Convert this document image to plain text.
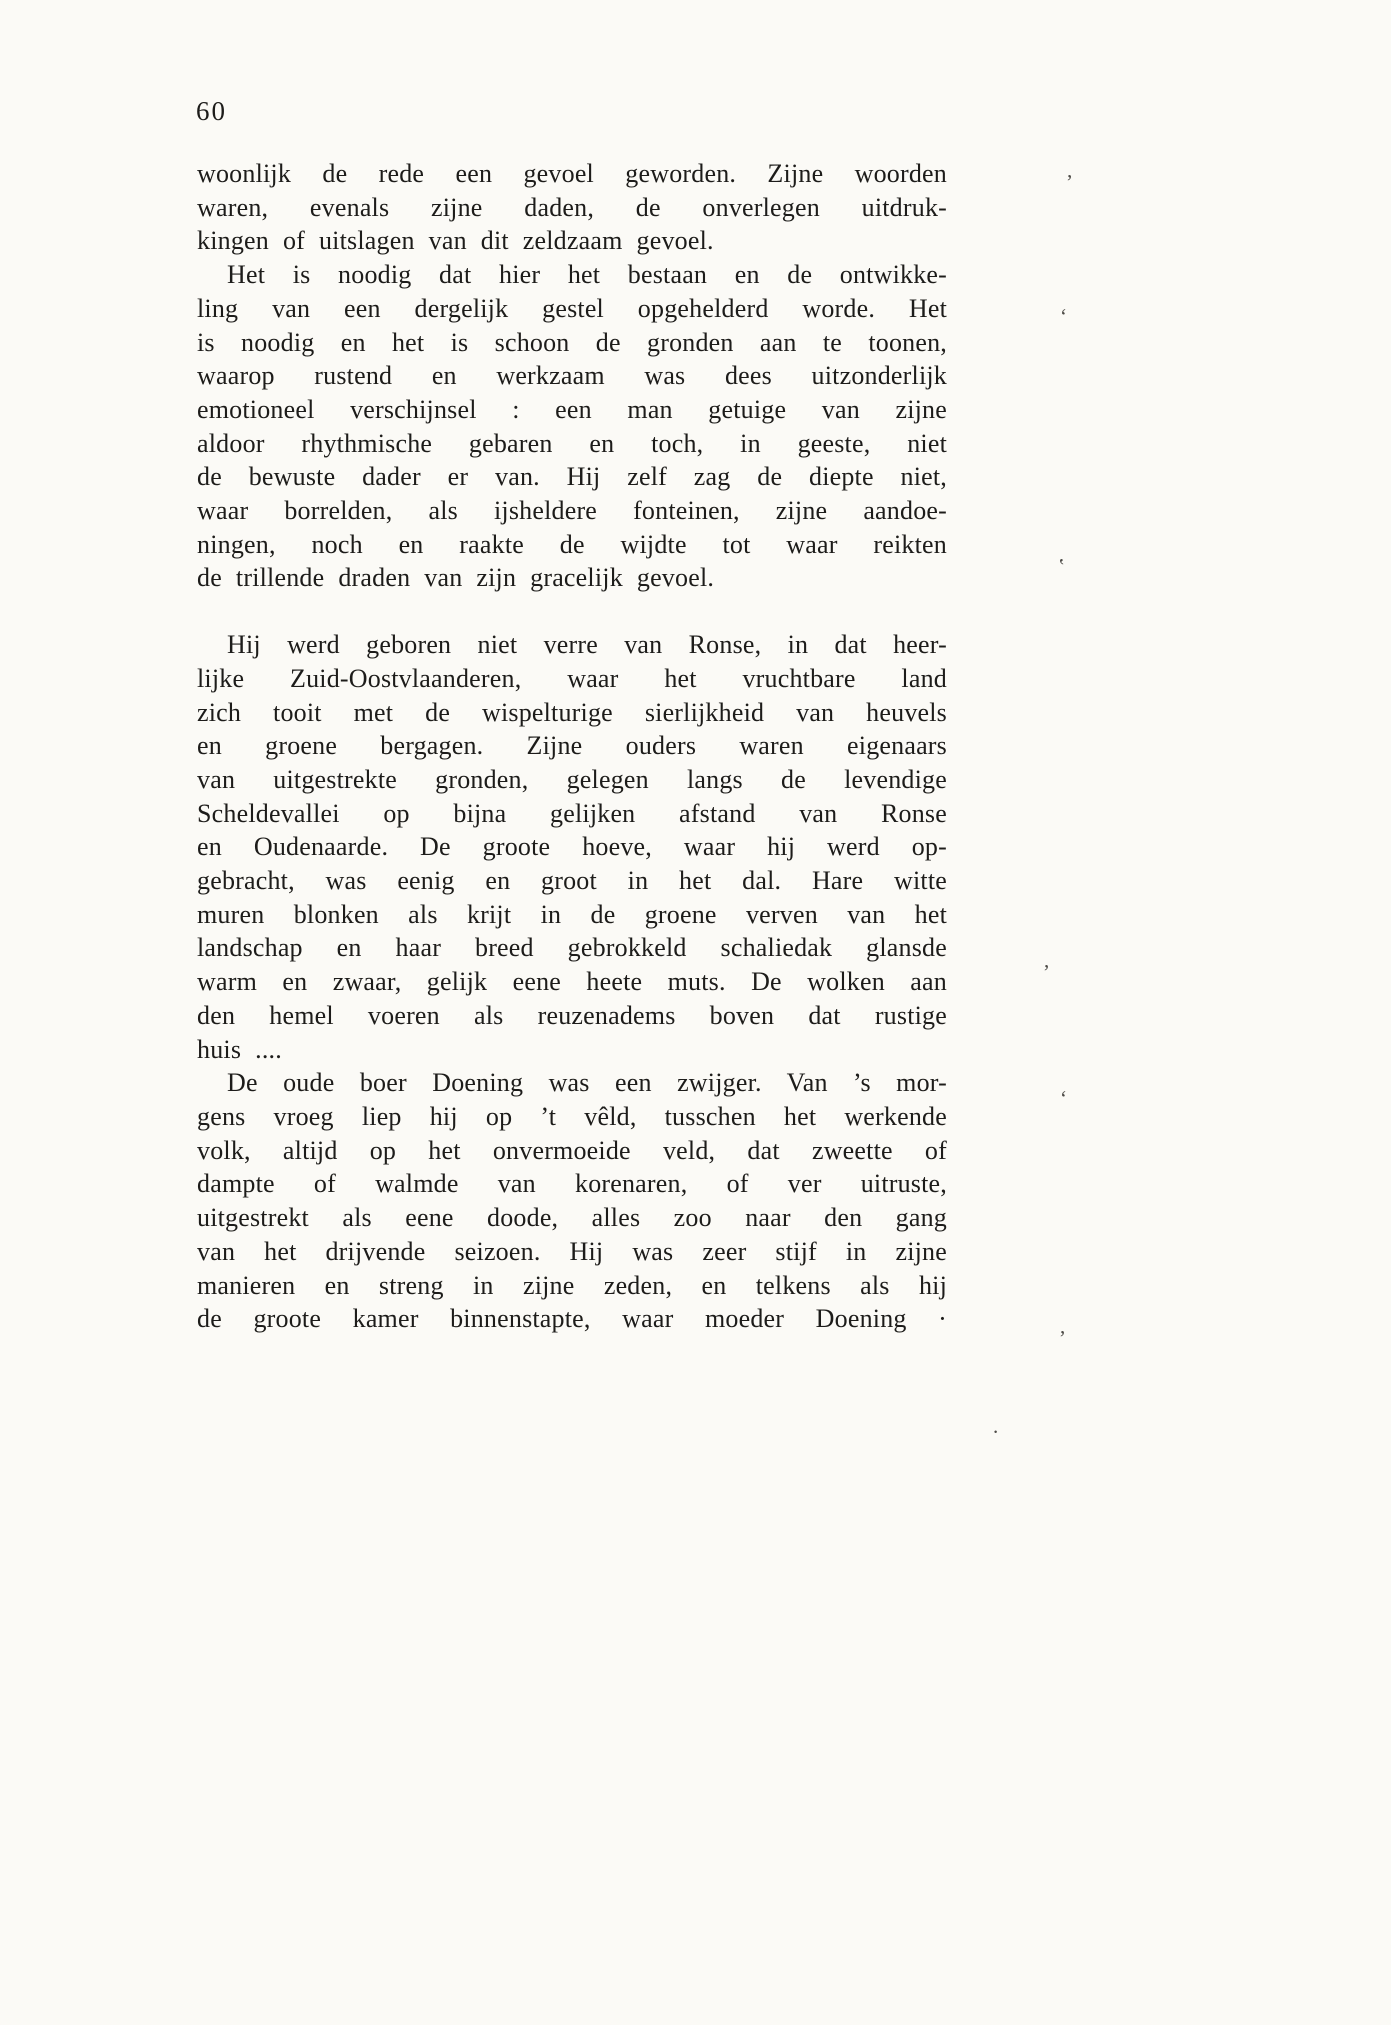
60
woonlijk de rede een gevoel geworden. Zijne woorden
waren, evenals zijne daden, de onverlegen uitdruk-
kingen of uitslagen van dit zeldzaam gevoel.
Het is noodig dat hier het bestaan en de ontwikke-
ling van een dergelijk gestel opgehelderd worde. Het
is noodig en het is schoon de gronden aan te toonen,
waarop rustend en werkzaam was dees uitzonderlijk
emotioneel verschijnsel : een man getuige van zijne
aldoor rhythmische gebaren en toch, in geeste, niet
de bewuste dader er van. Hij zelf zag de diepte niet,
waar borrelden, als ijsheldere fonteinen, zijne aandoe-
ningen, noch en raakte de wijdte tot waar reikten
de trillende draden van zijn gracelijk gevoel.
Hij werd geboren niet verre van Ronse, in dat heer-
lijke Zuid-Oostvlaanderen, waar het vruchtbare land
zich tooit met de wispelturige sierlijkheid van heuvels
en groene bergagen. Zijne ouders waren eigenaars
van uitgestrekte gronden, gelegen langs de levendige
Scheldevallei op bijna gelijken afstand van Ronse
en Oudenaarde. De groote hoeve, waar hij werd op-
gebracht, was eenig en groot in het dal. Hare witte
muren blonken als krijt in de groene verven van het
landschap en haar breed gebrokkeld schaliedak glansde
warm en zwaar, gelijk eene heete muts. De wolken aan
den hemel voeren als reuzenadems boven dat rustige
huis ....
De oude boer Doening was een zwijger. Van ’s mor-
gens vroeg liep hij op ’t vêld, tusschen het werkende
volk, altijd op het onvermoeide veld, dat zweette of
dampte of walmde van korenaren, of ver uitruste,
uitgestrekt als eene doode, alles zoo naar den gang
van het drijvende seizoen. Hij was zeer stijf in zijne
manieren en streng in zijne zeden, en telkens als hij
de groote kamer binnenstapte, waar moeder Doening ·
ʼ
ʻ
ʽ
,
ʻ
,
.
